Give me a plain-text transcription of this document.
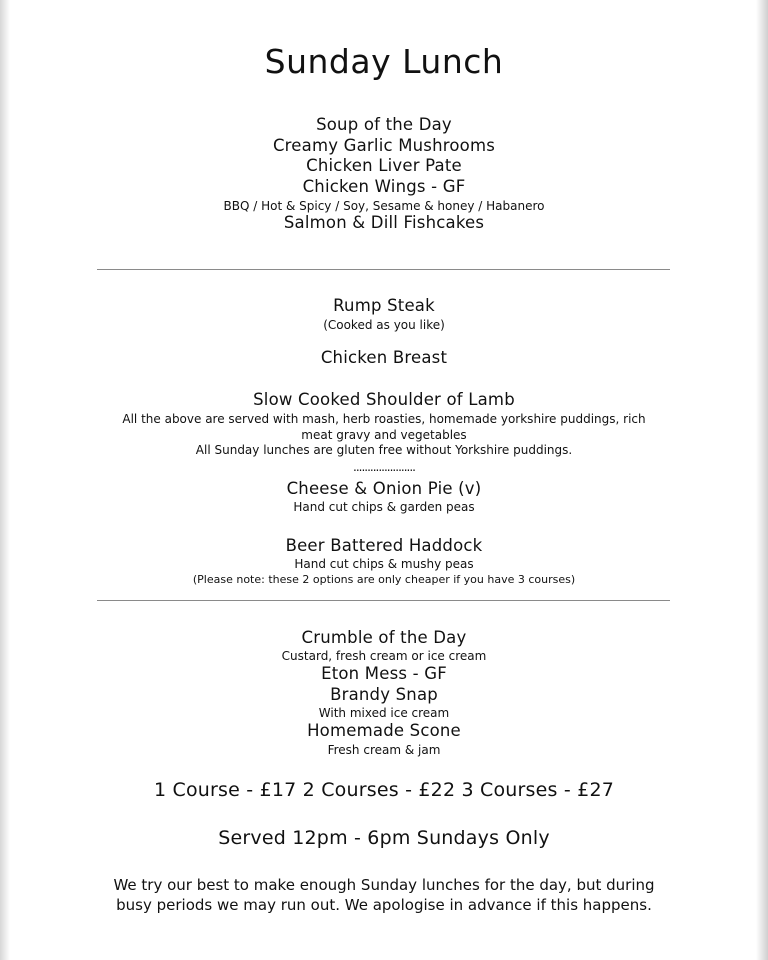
Sunday Lunch
Soup of the Day
Creamy Garlic Mushrooms
Chicken Liver Pate
Chicken Wings - GF
BBQ / Hot & Spicy / Soy, Sesame & honey / Habanero
Salmon & Dill Fishcakes
Rump Steak
(Cooked as you like)
Chicken Breast
Slow Cooked Shoulder of Lamb
All the above are served with mash, herb roasties, homemade yorkshire puddings, rich
meat gravy and vegetables
All Sunday lunches are gluten free without Yorkshire puddings.
......................
Cheese & Onion Pie (v)
Hand cut chips & garden peas
Beer Battered Haddock
Hand cut chips & mushy peas
(Please note: these 2 options are only cheaper if you have 3 courses)
Crumble of the Day
Custard, fresh cream or ice cream
Eton Mess - GF
Brandy Snap
With mixed ice cream
Homemade Scone
Fresh cream & jam
1 Course - £17 2 Courses - £22 3 Courses - £27
Served 12pm - 6pm Sundays Only
We try our best to make enough Sunday lunches for the day, but during
busy periods we may run out. We apologise in advance if this happens.
